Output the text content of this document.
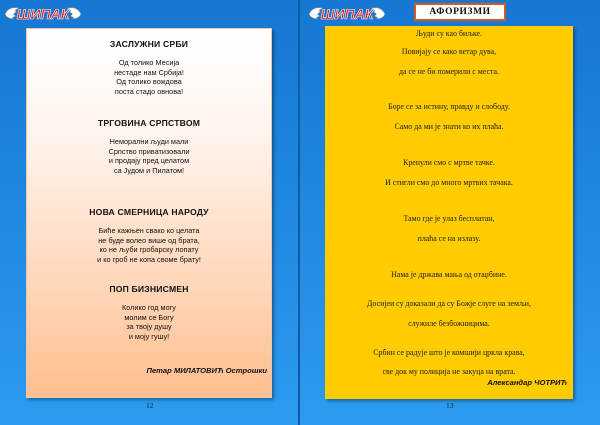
ШИПАК
ЗАСЛУЖНИ СРБИ
Од толико Месија
нестаде нам Србија!
Од толико вождова
поста стадо овнова!
ТРГОВИНА СРПСТВОМ
Неморални људи мали
Српство приватизовали
и продају пред целатом
са Јудом и Пилатом!
НОВА СМЕРНИЦА НАРОДУ
Биће кажњен свако ко целата
не буде волео више од брата,
ко не љуби гробарску лопату
и ко гроб не копа своме брату!
ПОП БИЗНИСМЕН
Колико год могу
молим се Богу
за твоју душу
и мојy гушу!
Петар МИЛАТОВИЋ Острошки
12
ШИПАК	АФОРИЗМИ
Људи су као биљке.
Повијају се како ветар дува,
да се не би померили с места.
Боре се за истину, правду и слободу.
Само да ми је знати ко их плаћа.
Кренули смо с мртве тачке.
И стигли смо до много мртвих тачака.
Тамо где је улаз бесплатан,
плаћа се на излазу.
Нама је држава мања од отаџбине.
Досијеи су доказали да су Божје слуге на земљи,
служиле безбожницима.
Србин се радује што је комшији цркла крава,
све док му полиција не закуца на врата.
Александар ЧОТРИЋ
13
